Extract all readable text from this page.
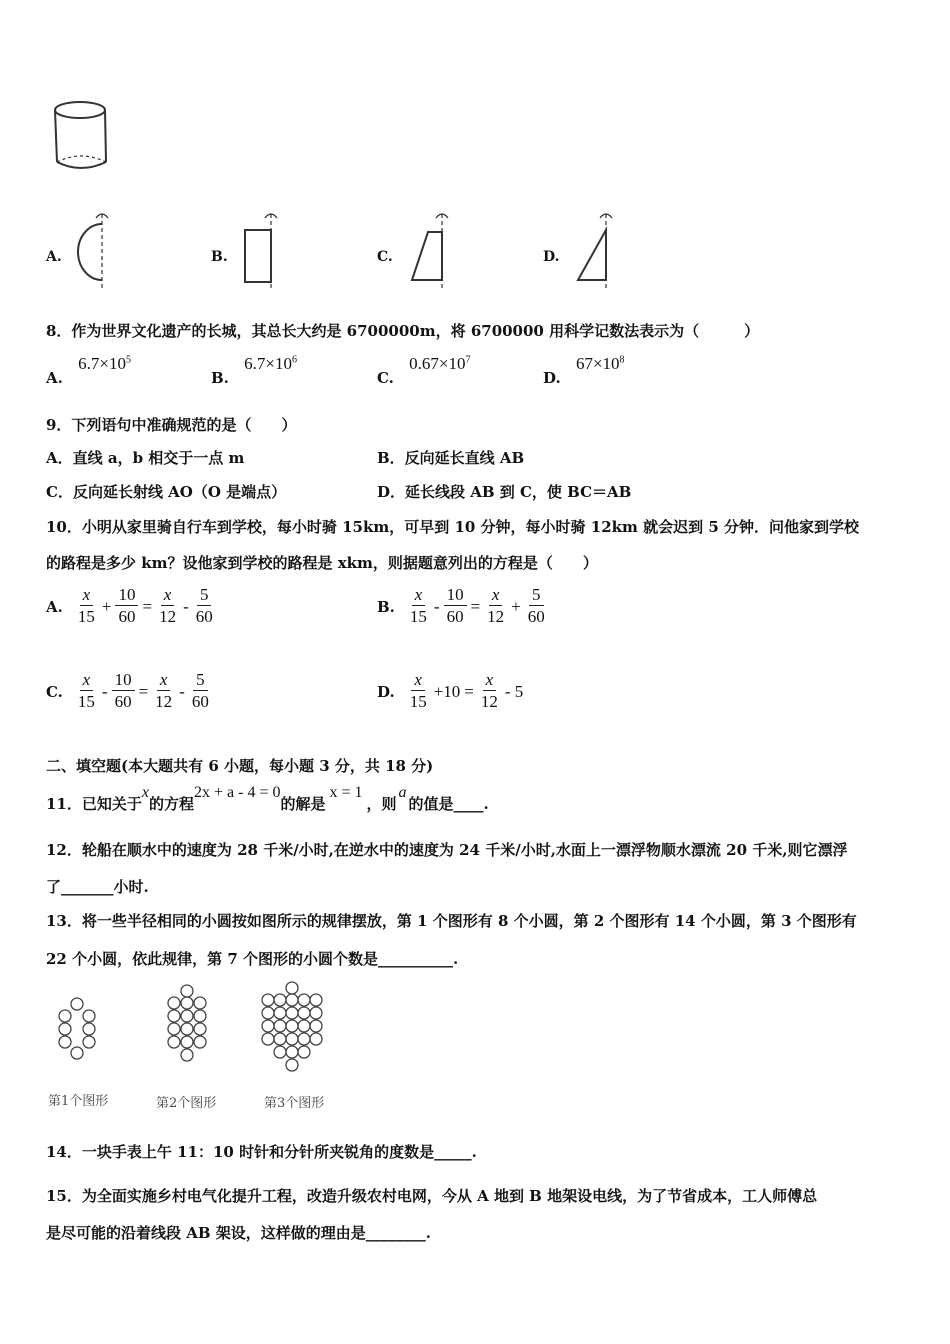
A.	B.	C.	D.
8．作为世界文化遗产的长城，其总长大约是 6700000m，将 6700000 用科学记数法表示为（　　　）
A. $6.7\times 10^5$
B. $6.7\times 10^6$
C. $0.67\times 10^7$
D. $67\times 10^8$
9．下列语句中准确规范的是（　　）
A．直线 a，b 相交于一点 m	B．反向延长直线 AB
C．反向延长射线 AO（O 是端点）	D．延长线段 AB 到 C，使 BC＝AB
10．小明从家里骑自行车到学校，每小时骑 15km，可早到 10 分钟，每小时骑 12km 就会迟到 5 分钟．问他家到学校
的路程是多少 km？设他家到学校的路程是 xkm，则据题意列出的方程是（　　）
A. $\frac{x}{15} + \frac{10}{60} = \frac{x}{12} - \frac{5}{60}$	B. $\frac{x}{15} - \frac{10}{60} = \frac{x}{12} + \frac{5}{60}$
C. $\frac{x}{15} - \frac{10}{60} = \frac{x}{12} - \frac{5}{60}$	D. $\frac{x}{15} +10 = \frac{x}{12} - 5$
二、填空题(本大题共有 6 小题，每小题 3 分，共 18 分)
11．已知关于x的方程2x + a - 4 = 0的解是x = 1，则a的值是____.
12．轮船在顺水中的速度为 28 千米/小时,在逆水中的速度为 24 千米/小时,水面上一漂浮物顺水漂流 20 千米,则它漂浮
了_______小时.
13．将一些半径相同的小圆按如图所示的规律摆放，第 1 个图形有 8 个小圆，第 2 个图形有 14 个小圆，第 3 个图形有
22 个小圆，依此规律，第 7 个图形的小圆个数是__________.
第1个图形	第2个图形	第3个图形
14．一块手表上午 11：10 时针和分针所夹锐角的度数是_____.
15．为全面实施乡村电气化提升工程，改造升级农村电网，今从 A 地到 B 地架设电线，为了节省成本，工人师傅总
是尽可能的沿着线段 AB 架设，这样做的理由是________.
